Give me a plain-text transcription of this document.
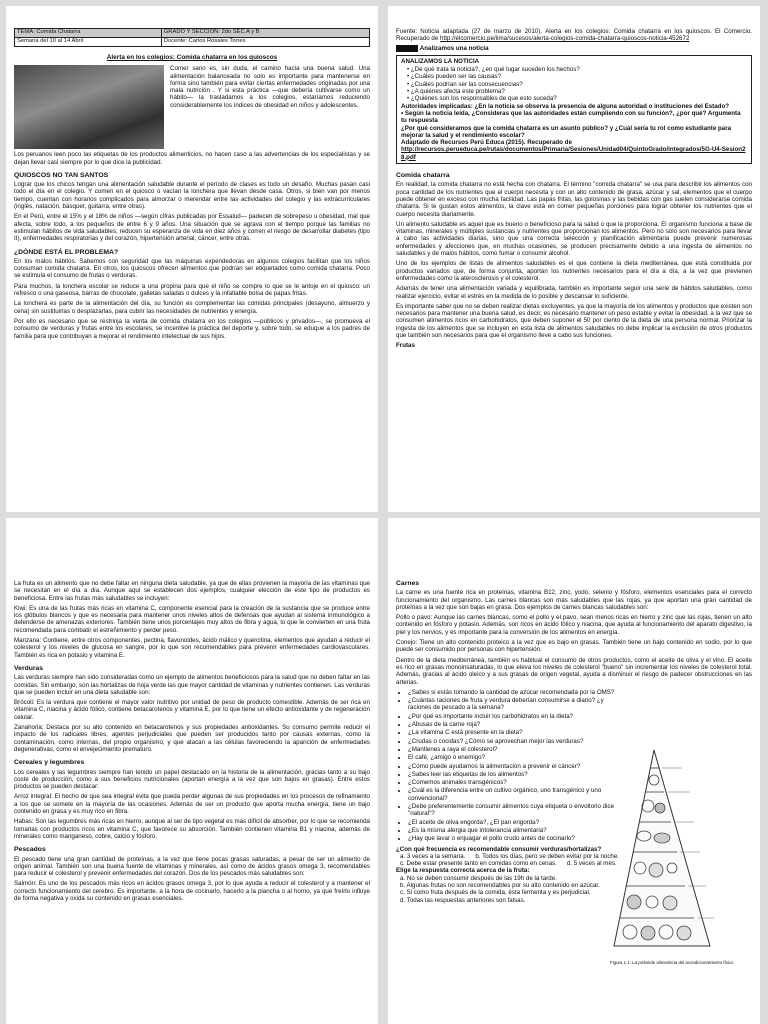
TEMA: Comida Chatarra	GRADO Y SECCION: 2do SEC A y B
Semana del 10 al 14 Abril	Docente: Carlos Rosales Torres
Alerta en los colegios: Comida chatarra en los quioscos

Comer sano es, sin duda, el camino hacia una buena salud. Una alimentación balanceada no solo es importante para mantenerse en forma sino también para evitar ciertas enfermedades originadas por una mala nutrición . Y si esta práctica —que debería cultivarse como un hábito— la trasladamos a los colegios, estaríamos reduciendo considerablemente los índices de obesidad en niños y adolescentes.

Los peruanos leen poco las etiquetas de los productos alimenticios, no hacen caso a las advertencias de los especialistas y se dejan llevar casi siempre por lo que dice la publicidad.

QUIOSCOS NO TAN SANTOS

Lograr que los chicos tengan una alimentación saludable durante el período de clases es todo un desafío. Muchas pasan casi todo el día en el colegio. Y comen en el quiosco o vacían la lonchera que llevan desde casa. Otros, si bien van por menos tiempo, cuentan con horarios complicados para almorzar o merendar entre las actividades del colegio y las extracurriculares (inglés, natación, básquet, guitarra, entre otras).

En el Perú, entre el 15% y el 18% de niños —según cifras publicadas por Essalud— padecen de sobrepeso u obesidad, mal que afecta, sobre todo, a los pequeños de entre 6 y 9 años. Una situación que se agrava con el tiempo porque las familias no estimulan hábitos de vida saludables, reducen su esperanza de vida en diez años y corren el riesgo de desarrollar diabetes (tipo II), enfermedades respiratorias y del corazón, hipertensión arterial, cáncer, entre otras.

¿DÓNDE ESTÁ EL PROBLEMA?

En los malos hábitos. Sabemos con seguridad que las máquinas expendedoras en algunos colegios facilitan que los niños consuman comida chatarra. En otros, los quioscos ofrecen alimentos que podrían ser etiquetados como comida chatarra. Poco se estimula el consumo de frutas o verduras.

Para muchos, la lonchera escolar se reduce a una propina para que el niño se compre lo que se le antoje en el quiosco: un refresco o una gaseosa, barras de chocolate, galletas saladas o dulces y la infaltable bolsa de papas fritas.

La lonchera es parte de la alimentación del día, su función es complementar las comidas principales (desayuno, almuerzo y cena) sin sustituirlas o desplazarlas, para cubrir las necesidades de nutrientes y energía.

Por ello es necesario que se restrinja la venta de comida chatarra en los colegios —públicos y privados—, se promueva el consumo de verduras y frutas entre los escolares, se incentive la práctica del deporte y, sobre todo, se eduque a los padres de familia para que contribuyan a mejorar el rendimiento intelectual de sus hijos.

Fuente: Noticia adaptada (27 de marzo de 2010). Alerta en los colegios: Comida chatarra en los quioscos. El Comercio. Recuperado de http://elcomercio.pe/lima/sucesos/alerta-colegios-comida-chatarra-quioscos-noticia-452672
Tarea Analizamos una noticia
ANALIZAMOS LA NOTICIA
• ¿De qué trata la noticia?, ¿en qué lugar suceden los hechos?
• ¿Cuáles pueden ser las causas?
• ¿Cuáles podrían ser las consecuencias?
• ¿A quiénes afecta este problema?
• ¿Quiénes son los responsables de que esto suceda?
Autoridades implicadas: ¿En la noticia se observa la presencia de alguna autoridad o instituciones del Estado?
• Según la noticia leída, ¿Consideras que las autoridades están cumpliendo con su función?, ¿por qué? Argumenta tu respuesta
¿Por qué consideramos que la comida chatarra es un asunto público? y ¿Cuál sería tu rol como estudiante para mejorar la salud y el rendimiento escolar?
Adaptado de Recursos Perú Educa (2015). Recuperado de
http://recursos.perueduca.pe/rutas/documentos/Primaria/Sesiones/Unidad04/QuintoGrado/integrados/5G-U4-Sesion28.pdf
Comida chatarra

En realidad, la comida chatarra no está hecha con chatarra. El término "comida chatarra" se usa para describir los alimentos con poca cantidad de los nutrientes que el cuerpo necesita y con un alto contenido de grasa, azúcar y sal, elementos que el cuerpo puede obtener en exceso con mucha facilidad. Las papas fritas, las golosinas y las bebidas con gas suelen considerarse comida chatarra. Si te gustan estos alimentos, la clave está en comer pequeñas porciones para lograr obtener los nutrientes que el cuerpo necesita diariamente.

Un alimento saludable es aquel que es bueno o beneficioso para la salud o que la proporciona. El organismo funciona a base de vitaminas, minerales y múltiples sustancias y nutrientes que proporcionan los alimentos. Pero no sólo son necesarios para llevar a cabo las actividades diarias, sino que una correcta selección y planificación alimentaria puede prevenir numerosas enfermedades y afecciones que, en muchas ocasiones, se producen precisamente debido a una ingesta de alimentos no saludables y de malos hábitos, como fumar o consumir alcohol.

Uno de los ejemplos de listas de alimentos saludables es el que contiene la dieta mediterránea, que está constituida por productos variados que, de forma conjunta, aportan los nutrientes necesarios para el día a día, a la vez que previenen enfermedades como la aterosclerosis y el colesterol.

Además de tener una alimentación variada y equilibrada, también es importante seguir una serie de hábitos saludables, como realizar ejercicio, evitar el estrés en la medida de lo posible y descansar lo suficiente.

Es importante saber que no se deben realizar dietas excluyentes, ya que la mayoría de los alimentos y productos que existen son necesarios para mantener una buena salud, es decir, es necesario mantener un peso estable y evitar la obesidad, a la vez que se consumen alimentos ricos en carbohidratos, que deben suponer el 50 por ciento de la dieta de una persona normal. Priorizar la ingesta de los alimentos que se incluyen en esta lista de alimentos saludables no debe implicar la exclusión de otros productos que también son necesarios para que el organismo lleve a cabo sus funciones.

Frutas

La fruta es un alimento que no debe faltar en ninguna dieta saludable, ya que de ellas provienen la mayoría de las vitaminas que se necesitan en el día a día. Aunque aquí se establecen dos ejemplos, cualquier elección de este tipo de productos es beneficiosa. Entre las frutas más saludables se incluyen:

Kiwi: Es una de las frutas más ricas en vitamina C, componente esencial para la creación de la sustancia que se produce entre los glóbulos blancos y que es necesaria para mantener unos niveles altos de defensas que ayudan al sistema inmunológico a defenderse de amenazas exteriores. También tiene unos porcentajes muy altos de fibra y agua, lo que le convierten en una fruta recomendada para combatir el estreñimiento y perder peso.

Manzana: Contiene, entre otros componentes, pectina, flavonoides, ácido málico y quercitina, elementos que ayudan a reducir el colesterol y los niveles de glucosa en sangre, por lo que son recomendables para prevenir enfermedades cardiovasculares. También es rica en potasio y vitamina E.

Verduras

Las verduras siempre han sido consideradas como un ejemplo de alimentos beneficiosos para la salud que no deben faltar en las comidas. Sin embargo, son las hortalizas de hoja verde las que mayor cantidad de vitaminas y nutrientes contienen. Las verduras que se pueden incluir en una dieta saludable son:

Brócoli: Es la verdura que contiene el mayor valor nutritivo por unidad de peso de producto comestible. Además de ser rica en vitamina C, niacina y ácido fólico, contiene betacarotenos y vitamina E, por lo que tiene un efecto antioxidante y de regeneración celular.

Zanahoria: Destaca por su alto contenido en betacarotenos y sus propiedades antioxidantes. Su consumo permite reducir el impacto de los radicales libres, agentes perjudiciales que pueden ser producidos tanto por causas externas, como la contaminación, como internas, del propio organismo, y que atacan a las células favoreciendo la aparición de enfermedades degenerativas, como el envejecimiento prematuro.

Cereales y legumbres

Los cereales y las legumbres siempre han tenido un papel destacado en la historia de la alimentación, gracias tanto a su bajo coste de producción, como a sus beneficios nutricionales (aportan energía a la vez que son bajos en grasas). Entre estos productos se pueden destacar:

Arroz integral: El hecho de que sea integral evita que pueda perder algunas de sus propiedades en los procesos de refinamiento a los que se somete en la mayoría de las ocasiones. Además de ser un producto que aporta mucha energía, tiene un bajo contenido en grasa y es muy rico en fibra.

Habas: Son las legumbres más ricas en hierro, aunque al ser de tipo vegetal es más difícil de absorber, por lo que se recomienda tomarlas con productos ricos en vitamina C, que favorece su absorción. También contienen vitamina B1 y niacina, además de minerales como manganeso, cobre, calcio y fósforo.

Pescados

El pescado tiene una gran cantidad de proteínas, a la vez que tiene pocas grasas saturadas, a pesar de ser un alimento de origen animal. También son una buena fuente de vitaminas y minerales, así como de ácidos grasos omega 3, recomendables para reducir el colesterol y prevenir enfermedades del corazón. Dos de los pescados más saludables son:

Salmón: Es uno de los pescados más ricos en ácidos grasos omega 3, por lo que ayuda a reducir el colesterol y a mantener el correcto funcionamiento del cerebro. Es importante, a la hora de cocinarlo, hacerlo a la plancha o al horno, ya que freírlo influye de forma negativa y oxida su contenido en grasas esenciales.

Carnes

La carne es una fuente rica en proteínas, vitamina B12, zinc, yodo, selenio y fósforo, elementos esenciales para el correcto funcionamiento del organismo. Las carnes blancas son más saludables que las rojas, ya que aportan una gran cantidad de proteínas a la vez que son bajas en grasa. Dos ejemplos de carnes blancas saludables son:

Pollo o pavo: Aunque las carnes blancas, como el pollo y el pavo, sean menos ricas en hierro y zinc que las rojas, tienen un alto contenido en fósforo y potasio. Además, son ricos en ácido fólico y niacina, que ayuda al funcionamiento del aparato digestivo, la piel y los nervios, y es importante para la conversión de los alimentos en energía.

Conejo: Tiene un alto contenido proteico a la vez que es bajo en grasas. También tiene un bajo contenido en sodio, por lo que puede ser consumido por personas con hipertensión.

Dentro de la dieta mediterránea, también es habitual el consumo de otros productos, como el aceite de oliva y el vino. El aceite es rico en grasas monoinsaturadas, lo que eleva los niveles de colesterol "bueno" sin incrementar los niveles de colesterol total. Además, gracias al ácido oleico y a sus grasas de origen vegetal, ayuda a disminuir el riesgo de padecer obstrucciones en las arterias.

• ¿Sabes si estás tomando la cantidad de azúcar recomendada por la OMS?
• ¿Cuántas raciones de fruta y verdura deberían consumirse a diario? ¿y raciones de pescado a la semana?
• ¿Por qué es importante incluir los carbohidratos en la dieta?
• ¿Abusas de la carne roja?
• ¿La vitamina C está presente en la dieta?
• ¿Crudas o cocidas? ¿Cómo se aprovechan mejor las verduras?
• ¿Mantienes a raya el colesterol?
• El café, ¿amigo o enemigo?
• ¿Cómo puede ayudarnos la alimentación a prevenir el cáncer?
• ¿Sabes leer las etiquetas de los alimentos?
• ¿Comemos animales transgénicos?
• ¿Cuál es la diferencia entre un cultivo orgánico, uno transgénico y uno convencional?
• ¿Debe preferentemente consumir alimentos cuya etiqueta o envoltorio dice "natural"?
• ¿El aceite de oliva engorda?, ¿El pan engorda?
• ¿Es la misma alergia que intolerancia alimentaria?
• ¿Hay que lavar o enjuagar el pollo crudo antes de cocinarlo?
¿Con qué frecuencia es recomendable consumir verduras/hortalizas?
a. 3 veces a la semana. b. Todos los días, pero se deben evitar por la noche.
c. Debe estar presente tanto en comidas como en cenas. d. 5 veces al mes.
Elige la respuesta correcta acerca de la fruta:
a. No se deben consumir después de las 19h de la tarde.
b. Algunas frutas no son recomendables por su alto contenido en azúcar.
c. Si como fruta después de la comida, ésta fermenta y es perjudicial.
d. Todas las respuestas anteriores son falsas.
Figura 1.1: La pirámide alimenticia del acondicionamiento físico
